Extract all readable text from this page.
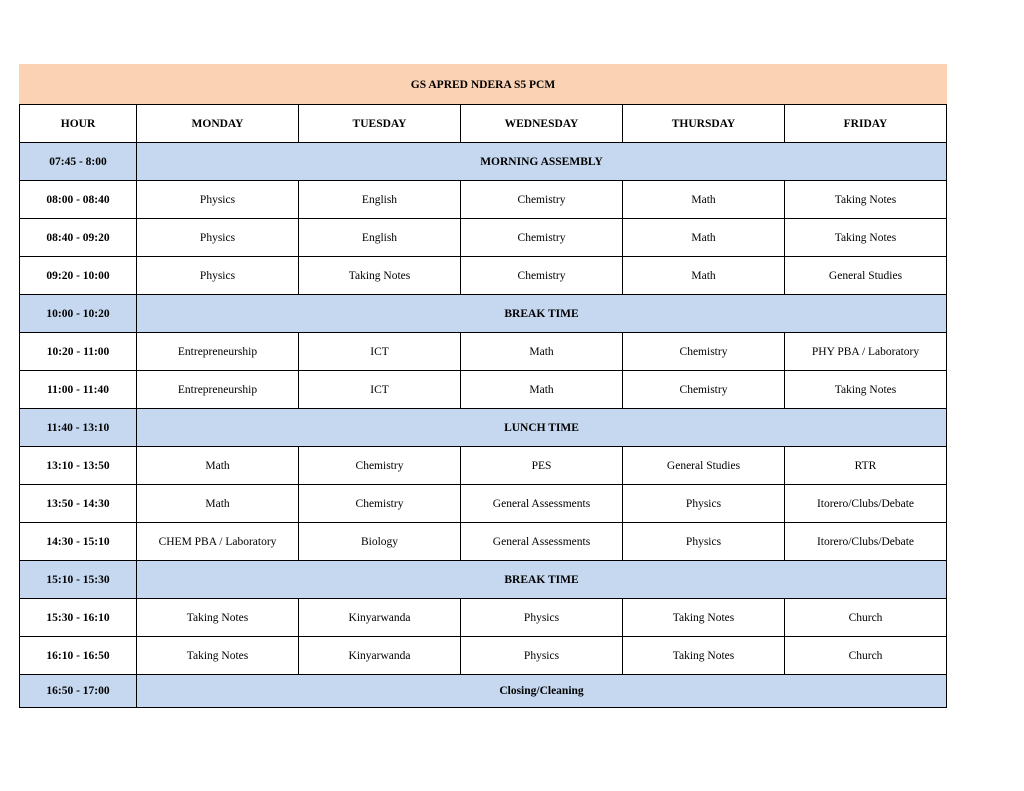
GS APRED NDERA S5 PCM					
HOUR	MONDAY	TUESDAY	WEDNESDAY	THURSDAY	FRIDAY
07:45 - 8:00	MORNING ASSEMBLY				
08:00 - 08:40	Physics	English	Chemistry	Math	Taking Notes
08:40 - 09:20	Physics	English	Chemistry	Math	Taking Notes
09:20 - 10:00	Physics	Taking Notes	Chemistry	Math	General Studies
10:00 - 10:20	BREAK TIME				
10:20 - 11:00	Entrepreneurship	ICT	Math	Chemistry	PHY PBA / Laboratory
11:00 - 11:40	Entrepreneurship	ICT	Math	Chemistry	Taking Notes
11:40 - 13:10	LUNCH TIME				
13:10 - 13:50	Math	Chemistry	PES	General Studies	RTR
13:50 - 14:30	Math	Chemistry	General Assessments	Physics	Itorero/Clubs/Debate
14:30 - 15:10	CHEM PBA / Laboratory	Biology	General Assessments	Physics	Itorero/Clubs/Debate
15:10 - 15:30	BREAK TIME				
15:30 - 16:10	Taking Notes	Kinyarwanda	Physics	Taking Notes	Church
16:10 - 16:50	Taking Notes	Kinyarwanda	Physics	Taking Notes	Church
16:50 - 17:00	Closing/Cleaning				
